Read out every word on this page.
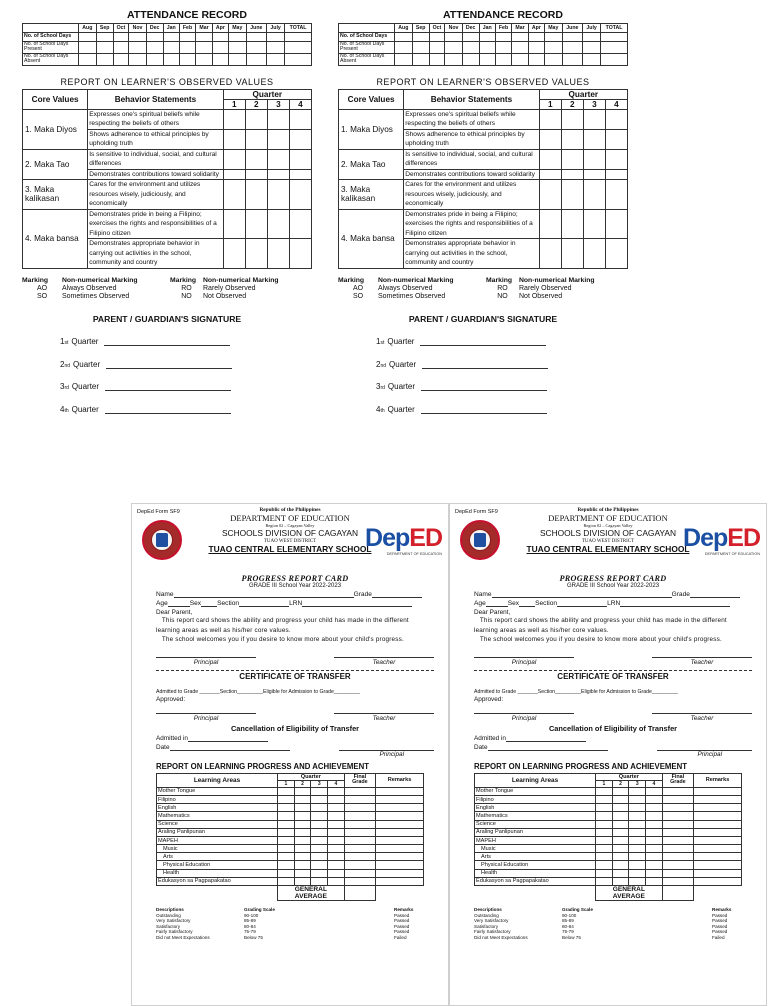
ATTENDANCE RECORD
	Aug	Sep	Oct	Nov	Dec	Jan	Feb	Mar	Apr	May	June	July	TOTAL
No. of School Days													
No. of School Days Present													
No. of School Days Absent													
REPORT ON LEARNER'S OBSERVED VALUES
Core Values	Behavior Statements	Quarter			
		1	2	3	4
1. Maka Diyos	Expresses one's spiritual beliefs while respecting the beliefs of others				
	Shows adherence to ethical principles by upholding truth				
2. Maka Tao	Is sensitive to individual, social, and cultural differences				
	Demonstrates contributions toward solidarity				
3. Maka kalikasan	Cares for the environment and utilizes resources wisely, judiciously, and economically				
4. Maka bansa	Demonstrates pride in being a Filipino; exercises the rights and responsibilities of a Filipino citizen				
	Demonstrates appropriate behavior in carrying out activities in the school, community and country				
Marking	Non-numerical Marking	Marking	Non-numerical Marking
AO	Always Observed	RO	Rarely Observed
SO	Sometimes Observed	NO	Not Observed
PARENT / GUARDIAN'S SIGNATURE
1 st Quarter
2 nd Quarter
3 rd Quarter
4 th Quarter
ATTENDANCE RECORD
	Aug	Sep	Oct	Nov	Dec	Jan	Feb	Mar	Apr	May	June	July	TOTAL
No. of School Days													
No. of School Days Present													
No. of School Days Absent													
REPORT ON LEARNER'S OBSERVED VALUES
Core Values	Behavior Statements	Quarter			
		1	2	3	4
1. Maka Diyos	Expresses one's spiritual beliefs while respecting the beliefs of others				
	Shows adherence to ethical principles by upholding truth				
2. Maka Tao	Is sensitive to individual, social, and cultural differences				
	Demonstrates contributions toward solidarity				
3. Maka kalikasan	Cares for the environment and utilizes resources wisely, judiciously, and economically				
4. Maka bansa	Demonstrates pride in being a Filipino; exercises the rights and responsibilities of a Filipino citizen				
	Demonstrates appropriate behavior in carrying out activities in the school, community and country				
Marking	Non-numerical Marking	Marking	Non-numerical Marking
AO	Always Observed	RO	Rarely Observed
SO	Sometimes Observed	NO	Not Observed
PARENT / GUARDIAN'S SIGNATURE
1 st Quarter
2 nd Quarter
3 rd Quarter
4 th Quarter
DepEd Form SF9
DepED
DEPARTMENT OF EDUCATION
Republic of the Philippines
DEPARTMENT OF EDUCATION
Region 02 – Cagayan Valley
SCHOOLS DIVISION OF CAGAYAN
TUAO WEST DISTRICT
TUAO CENTRAL ELEMENTARY SCHOOL
PROGRESS REPORT CARD
GRADE III School Year 2022-2023
Name	Grade
Age	Sex Section	LRN
Dear Parent,
This report card shows the ability and progress your child has made in the different learning areas as well as his/her core values.
The school welcomes you if you desire to know more about your child's progress.
Principal	Teacher
CERTIFICATE OF TRANSFER
Admitted to Grade _______Section_________Eligible for Admission to Grade_________
Approved:
Principal	Teacher
Cancellation of Eligibility of Transfer
Admitted in
Date
Principal
REPORT ON LEARNING PROGRESS AND ACHIEVEMENT
Learning Areas	Quarter				Final Grade	Remarks
	1	2	3	4		
Mother Tongue						
Filipino						
English						
Mathematics						
Science						
Araling Panlipunan						
MAPEH						
Music						
Arts						
Physical Education						
Health						
Edukasyon sa Pagpapakatao						
	GENERAL AVERAGE					
Descriptions	Grading Scale	Remarks
Outstanding	90-100	Passed
Very Satisfactory	85-89	Passed
Satisfactory	80-84	Passed
Fairly Satisfactory	75-79	Passed
Did not Meet Expectations	Below 75	Failed
DepEd Form SF9
DepED
DEPARTMENT OF EDUCATION
Republic of the Philippines
DEPARTMENT OF EDUCATION
Region 02 – Cagayan Valley
SCHOOLS DIVISION OF CAGAYAN
TUAO WEST DISTRICT
TUAO CENTRAL ELEMENTARY SCHOOL
PROGRESS REPORT CARD
GRADE III School Year 2022-2023
Name	Grade
Age	Sex Section	LRN
Dear Parent,
This report card shows the ability and progress your child has made in the different learning areas as well as his/her core values.
The school welcomes you if you desire to know more about your child's progress.
Principal	Teacher
CERTIFICATE OF TRANSFER
Admitted to Grade _______Section_________Eligible for Admission to Grade_________
Approved:
Principal	Teacher
Cancellation of Eligibility of Transfer
Admitted in
Date
Principal
REPORT ON LEARNING PROGRESS AND ACHIEVEMENT
Learning Areas	Quarter				Final Grade	Remarks
	1	2	3	4		
Mother Tongue						
Filipino						
English						
Mathematics						
Science						
Araling Panlipunan						
MAPEH						
Music						
Arts						
Physical Education						
Health						
Edukasyon sa Pagpapakatao						
	GENERAL AVERAGE					
Descriptions	Grading Scale	Remarks
Outstanding	90-100	Passed
Very Satisfactory	85-89	Passed
Satisfactory	80-84	Passed
Fairly Satisfactory	75-79	Passed
Did not Meet Expectations	Below 75	Failed
